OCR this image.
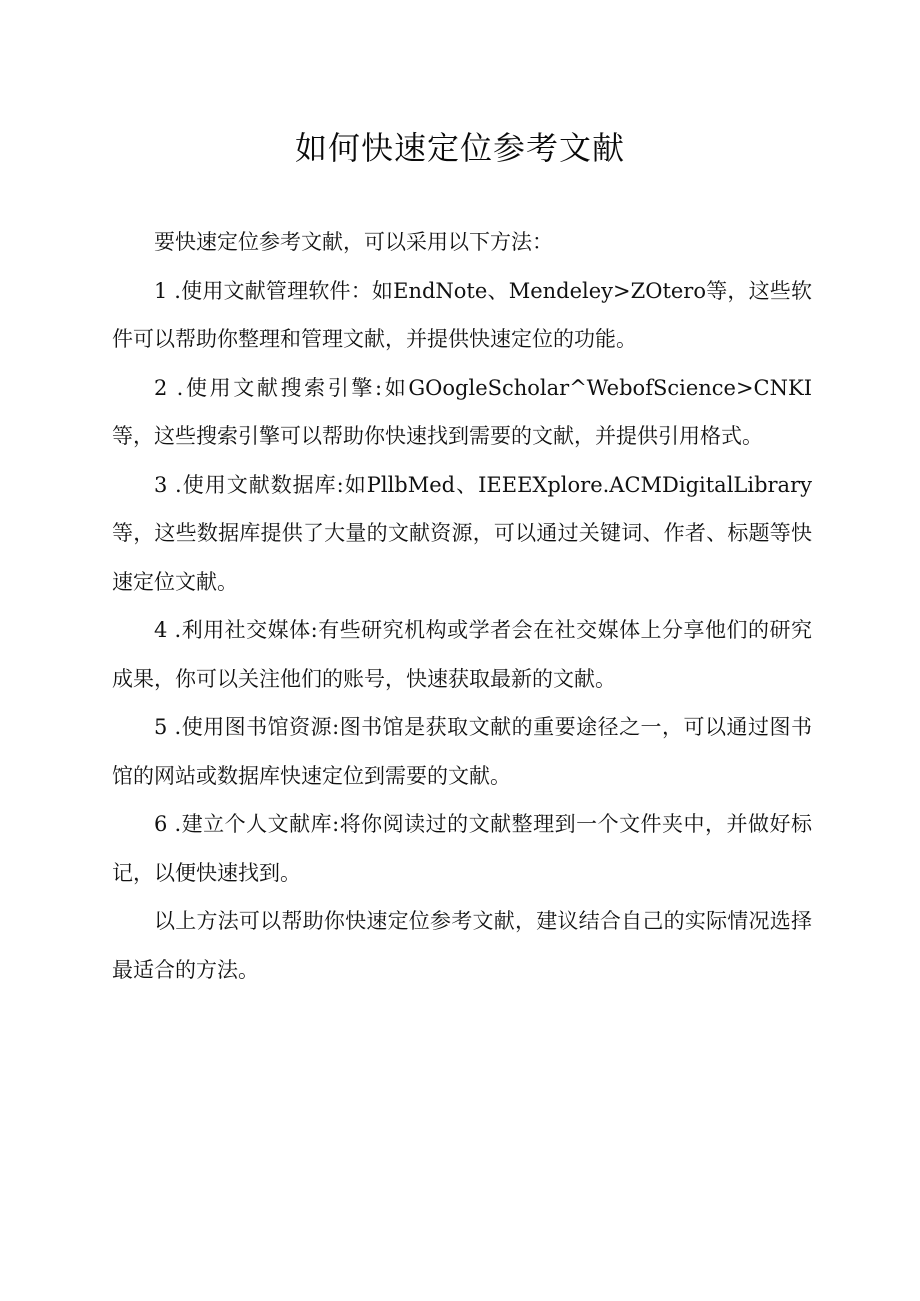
如何快速定位参考文献

要快速定位参考文献，可以采用以下方法：

1 .使用文献管理软件：如EndNote、Mendeley>ZOtero等，这些软件可以帮助你整理和管理文献，并提供快速定位的功能。

2 .使用文献搜索引擎:如GOogleScholar^WebofScience>CNKI等，这些搜索引擎可以帮助你快速找到需要的文献，并提供引用格式。

3 .使用文献数据库:如PllbMed、IEEEXplore.ACMDigitalLibrary等，这些数据库提供了大量的文献资源，可以通过关键词、作者、标题等快速定位文献。

4 .利用社交媒体:有些研究机构或学者会在社交媒体上分享他们的研究成果，你可以关注他们的账号，快速获取最新的文献。

5 .使用图书馆资源:图书馆是获取文献的重要途径之一，可以通过图书馆的网站或数据库快速定位到需要的文献。

6 .建立个人文献库:将你阅读过的文献整理到一个文件夹中，并做好标记，以便快速找到。

以上方法可以帮助你快速定位参考文献，建议结合自己的实际情况选择最适合的方法。
